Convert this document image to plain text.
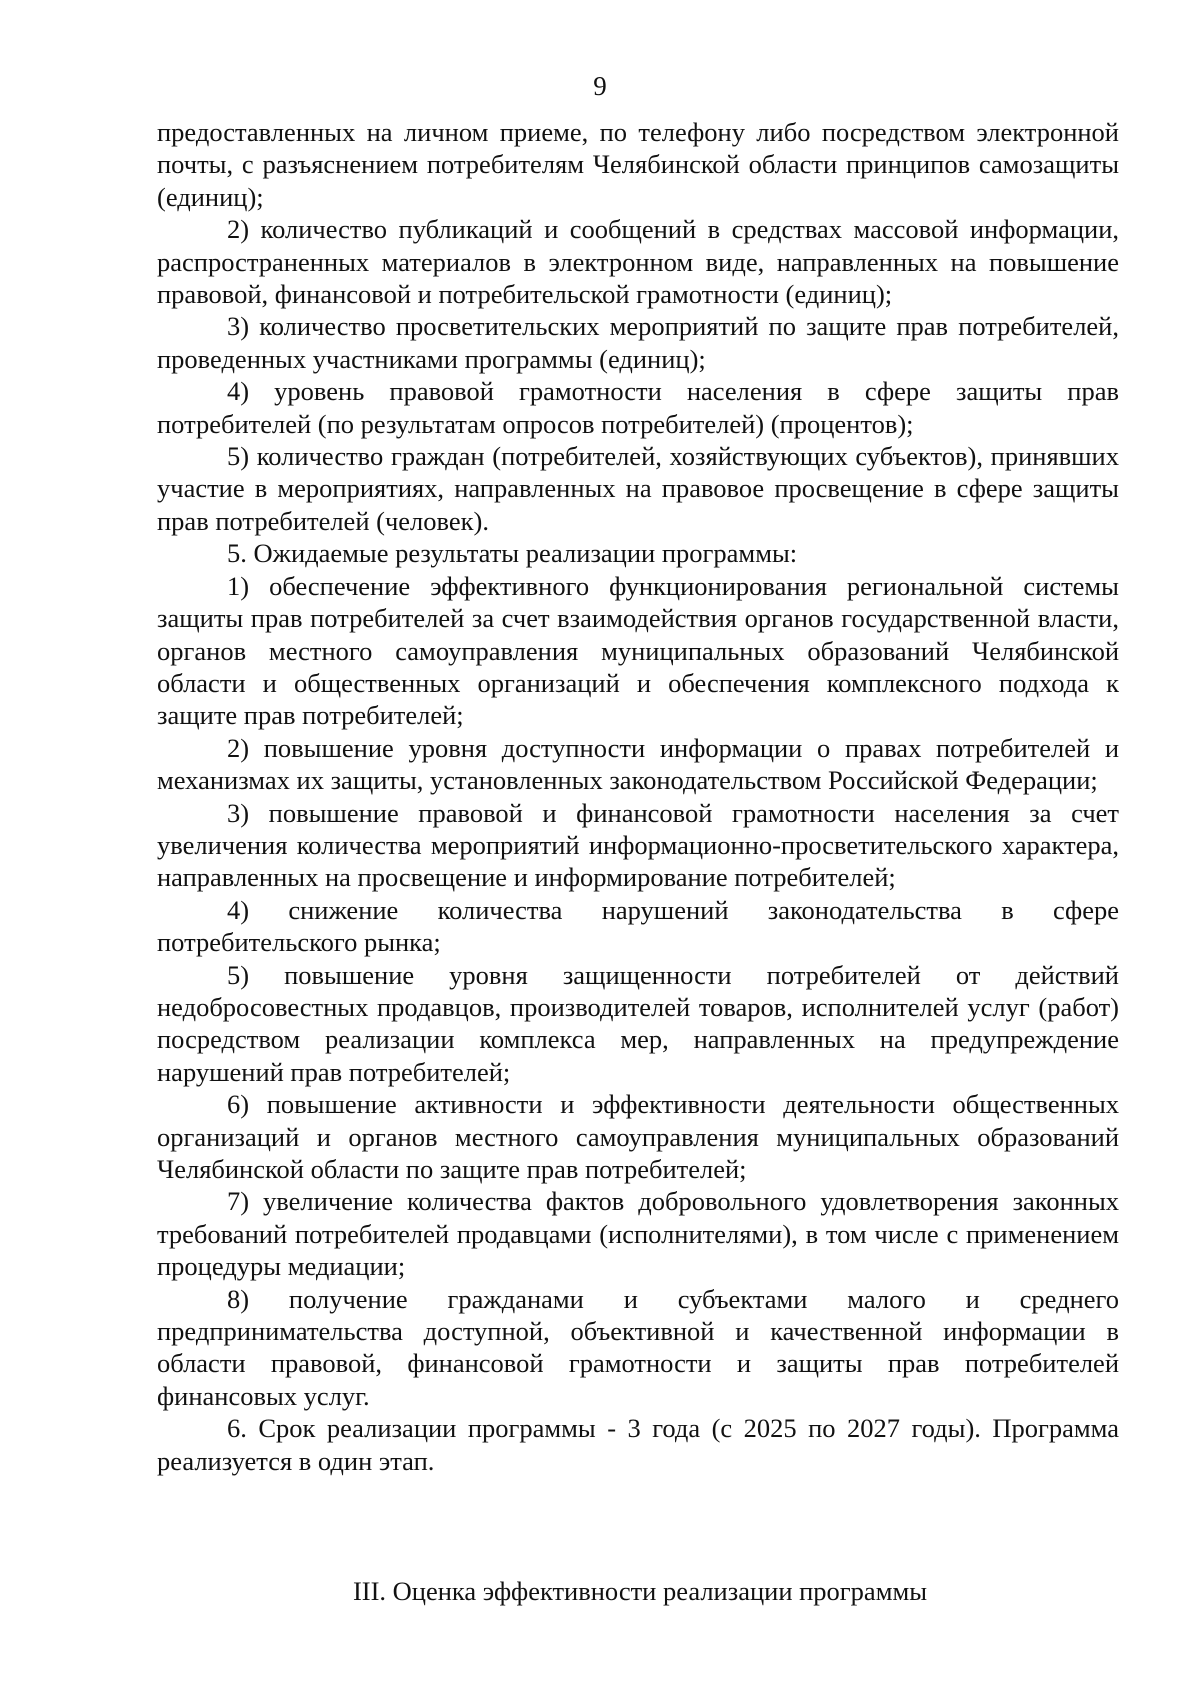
9

предоставленных на личном приеме, по телефону либо посредством электронной почты, с разъяснением потребителям Челябинской области принципов самозащиты (единиц);

2) количество публикаций и сообщений в средствах массовой информации, распространенных материалов в электронном виде, направленных на повышение правовой, финансовой и потребительской грамотности (единиц);

3) количество просветительских мероприятий по защите прав потребителей, проведенных участниками программы (единиц);

4) уровень правовой грамотности населения в сфере защиты прав потребителей (по результатам опросов потребителей) (процентов);

5) количество граждан (потребителей, хозяйствующих субъектов), принявших участие в мероприятиях, направленных на правовое просвещение в сфере защиты прав потребителей (человек).

5. Ожидаемые результаты реализации программы:

1) обеспечение эффективного функционирования региональной системы защиты прав потребителей за счет взаимодействия органов государственной власти, органов местного самоуправления муниципальных образований Челябинской области и общественных организаций и обеспечения комплексного подхода к защите прав потребителей;

2) повышение уровня доступности информации о правах потребителей и механизмах их защиты, установленных законодательством Российской Федерации;

3) повышение правовой и финансовой грамотности населения за счет увеличения количества мероприятий информационно-просветительского характера, направленных на просвещение и информирование потребителей;

4) снижение количества нарушений законодательства в сфере потребительского рынка;

5) повышение уровня защищенности потребителей от действий недобросовестных продавцов, производителей товаров, исполнителей услуг (работ) посредством реализации комплекса мер, направленных на предупреждение нарушений прав потребителей;

6) повышение активности и эффективности деятельности общественных организаций и органов местного самоуправления муниципальных образований Челябинской области по защите прав потребителей;

7) увеличение количества фактов добровольного удовлетворения законных требований потребителей продавцами (исполнителями), в том числе с применением процедуры медиации;

8) получение гражданами и субъектами малого и среднего предпринимательства доступной, объективной и качественной информации в области правовой, финансовой грамотности и защиты прав потребителей финансовых услуг.

6. Срок реализации программы - 3 года (с 2025 по 2027 годы). Программа реализуется в один этап.

III. Оценка эффективности реализации программы
